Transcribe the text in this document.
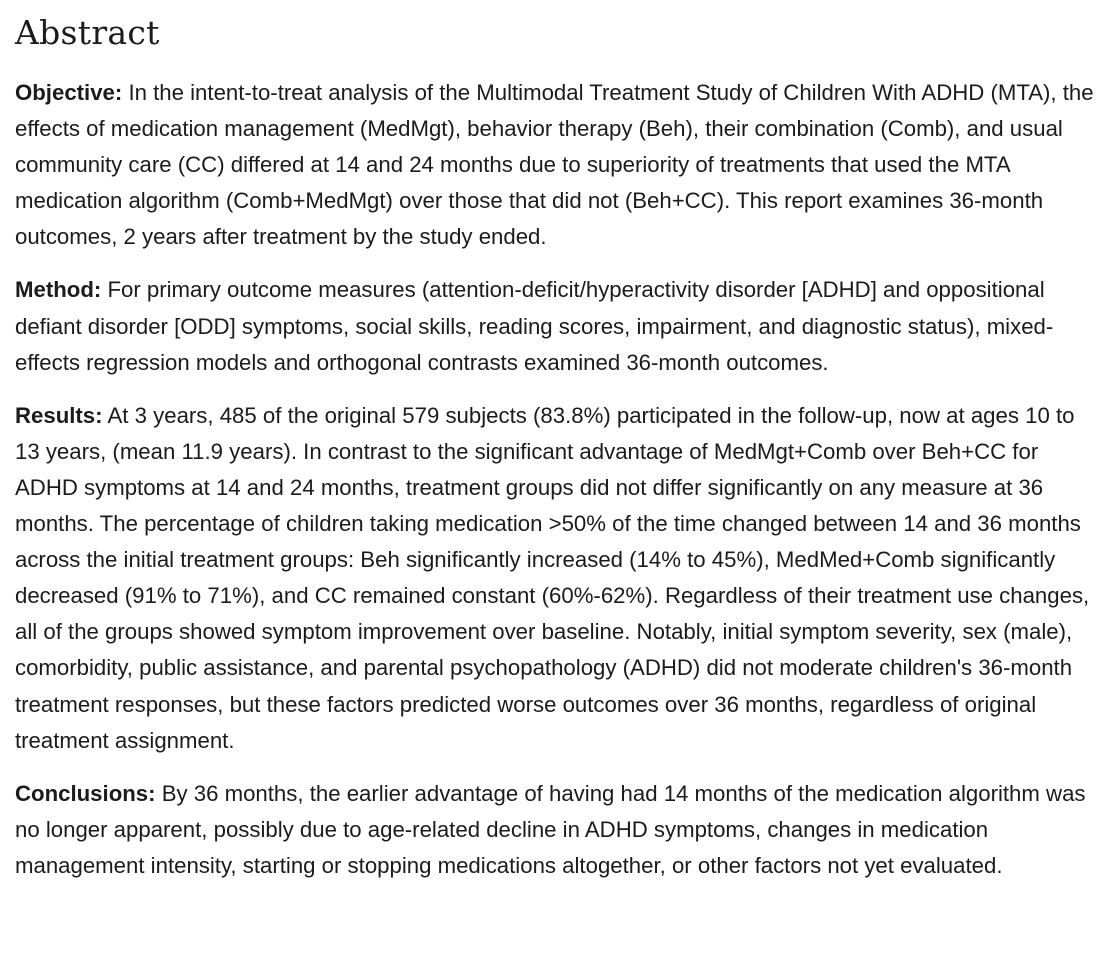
Abstract

Objective: In the intent-to-treat analysis of the Multimodal Treatment Study of Children With ADHD (MTA), the effects of medication management (MedMgt), behavior therapy (Beh), their combination (Comb), and usual community care (CC) differed at 14 and 24 months due to superiority of treatments that used the MTA medication algorithm (Comb+MedMgt) over those that did not (Beh+CC). This report examines 36-month outcomes, 2 years after treatment by the study ended.

Method: For primary outcome measures (attention-deficit/hyperactivity disorder [ADHD] and oppositional defiant disorder [ODD] symptoms, social skills, reading scores, impairment, and diagnostic status), mixed-effects regression models and orthogonal contrasts examined 36-month outcomes.

Results: At 3 years, 485 of the original 579 subjects (83.8%) participated in the follow-up, now at ages 10 to 13 years, (mean 11.9 years). In contrast to the significant advantage of MedMgt+Comb over Beh+CC for ADHD symptoms at 14 and 24 months, treatment groups did not differ significantly on any measure at 36 months. The percentage of children taking medication >50% of the time changed between 14 and 36 months across the initial treatment groups: Beh significantly increased (14% to 45%), MedMed+Comb significantly decreased (91% to 71%), and CC remained constant (60%-62%). Regardless of their treatment use changes, all of the groups showed symptom improvement over baseline. Notably, initial symptom severity, sex (male), comorbidity, public assistance, and parental psychopathology (ADHD) did not moderate children's 36-month treatment responses, but these factors predicted worse outcomes over 36 months, regardless of original treatment assignment.

Conclusions: By 36 months, the earlier advantage of having had 14 months of the medication algorithm was no longer apparent, possibly due to age-related decline in ADHD symptoms, changes in medication management intensity, starting or stopping medications altogether, or other factors not yet evaluated.
